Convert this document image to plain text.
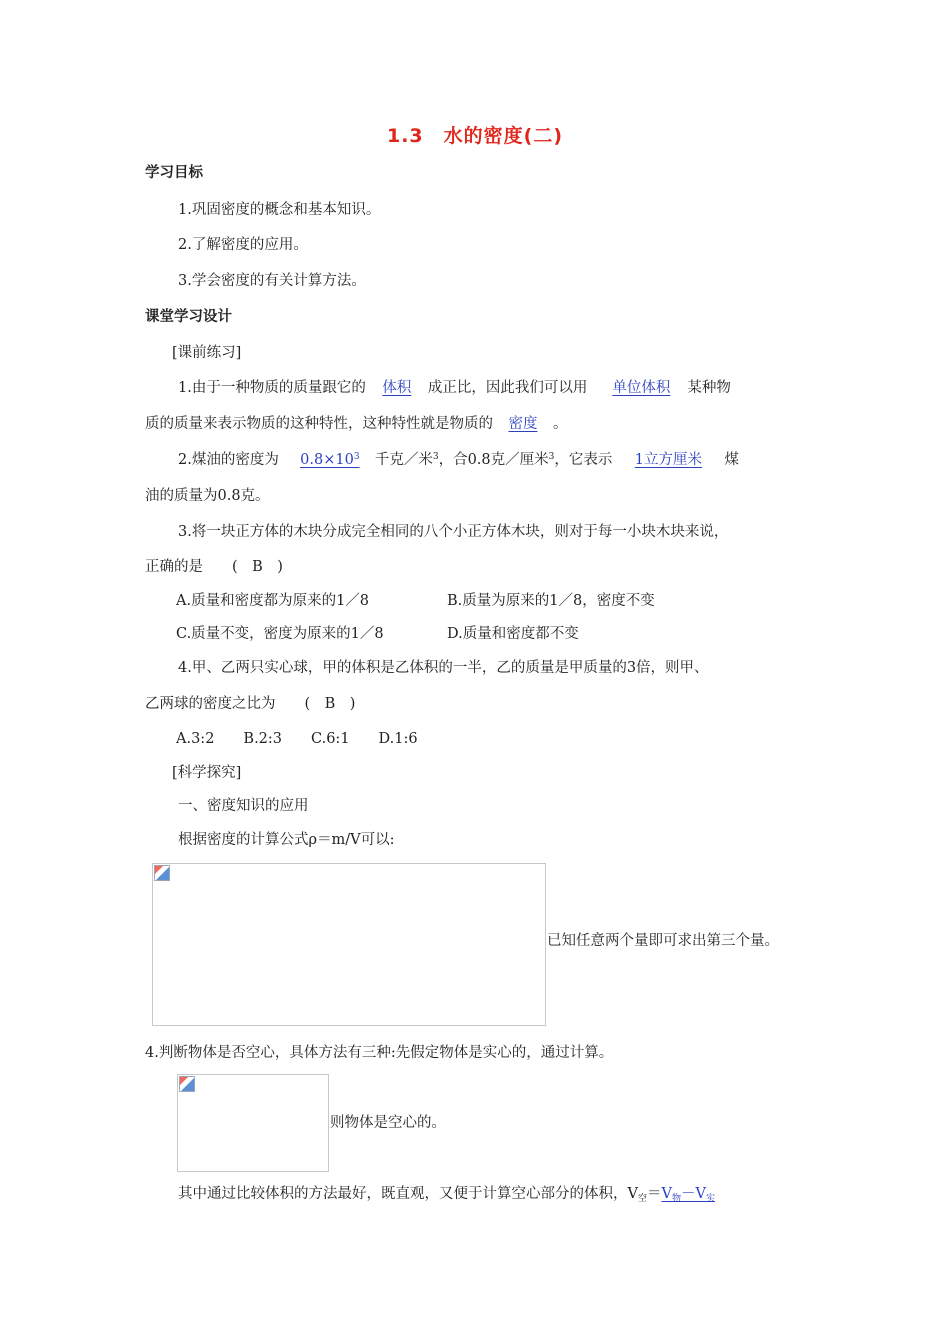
1.3　水的密度(二)
学习目标
1.巩固密度的概念和基本知识。
2.了解密度的应用。
3.学会密度的有关计算方法。
课堂学习设计
[课前练习]
1.由于一种物质的质量跟它的 体积 成正比，因此我们可以用 单位体积 某种物
质的质量来表示物质的这种特性，这种特性就是物质的 密度 。
2.煤油的密度为 $0.8\times 10^3$ 千克／米$^3$，合0.8克／厘米$^3$，它表示 1立方厘米 煤
油的质量为0.8克。
3.将一块正方体的木块分成完全相同的八个小正方体木块，则对于每一小块木块来说，
正确的是　　(　B　)
A.质量和密度都为原来的1／8	B.质量为原来的1／8，密度不变
C.质量不变，密度为原来的1／8	D.质量和密度都不变
4.甲、乙两只实心球，甲的体积是乙体积的一半，乙的质量是甲质量的3倍，则甲、
乙两球的密度之比为　　(　B　)
A.3:2　　B.2:3　　C.6:1　　D.1:6
[科学探究]
一、密度知识的应用
根据密度的计算公式ρ＝m/V可以:
已知任意两个量即可求出第三个量。
4.判断物体是否空心，具体方法有三种:先假定物体是实心的，通过计算。
则物体是空心的。
其中通过比较体积的方法最好，既直观，又便于计算空心部分的体积，$V_空=V_物-V_实$
